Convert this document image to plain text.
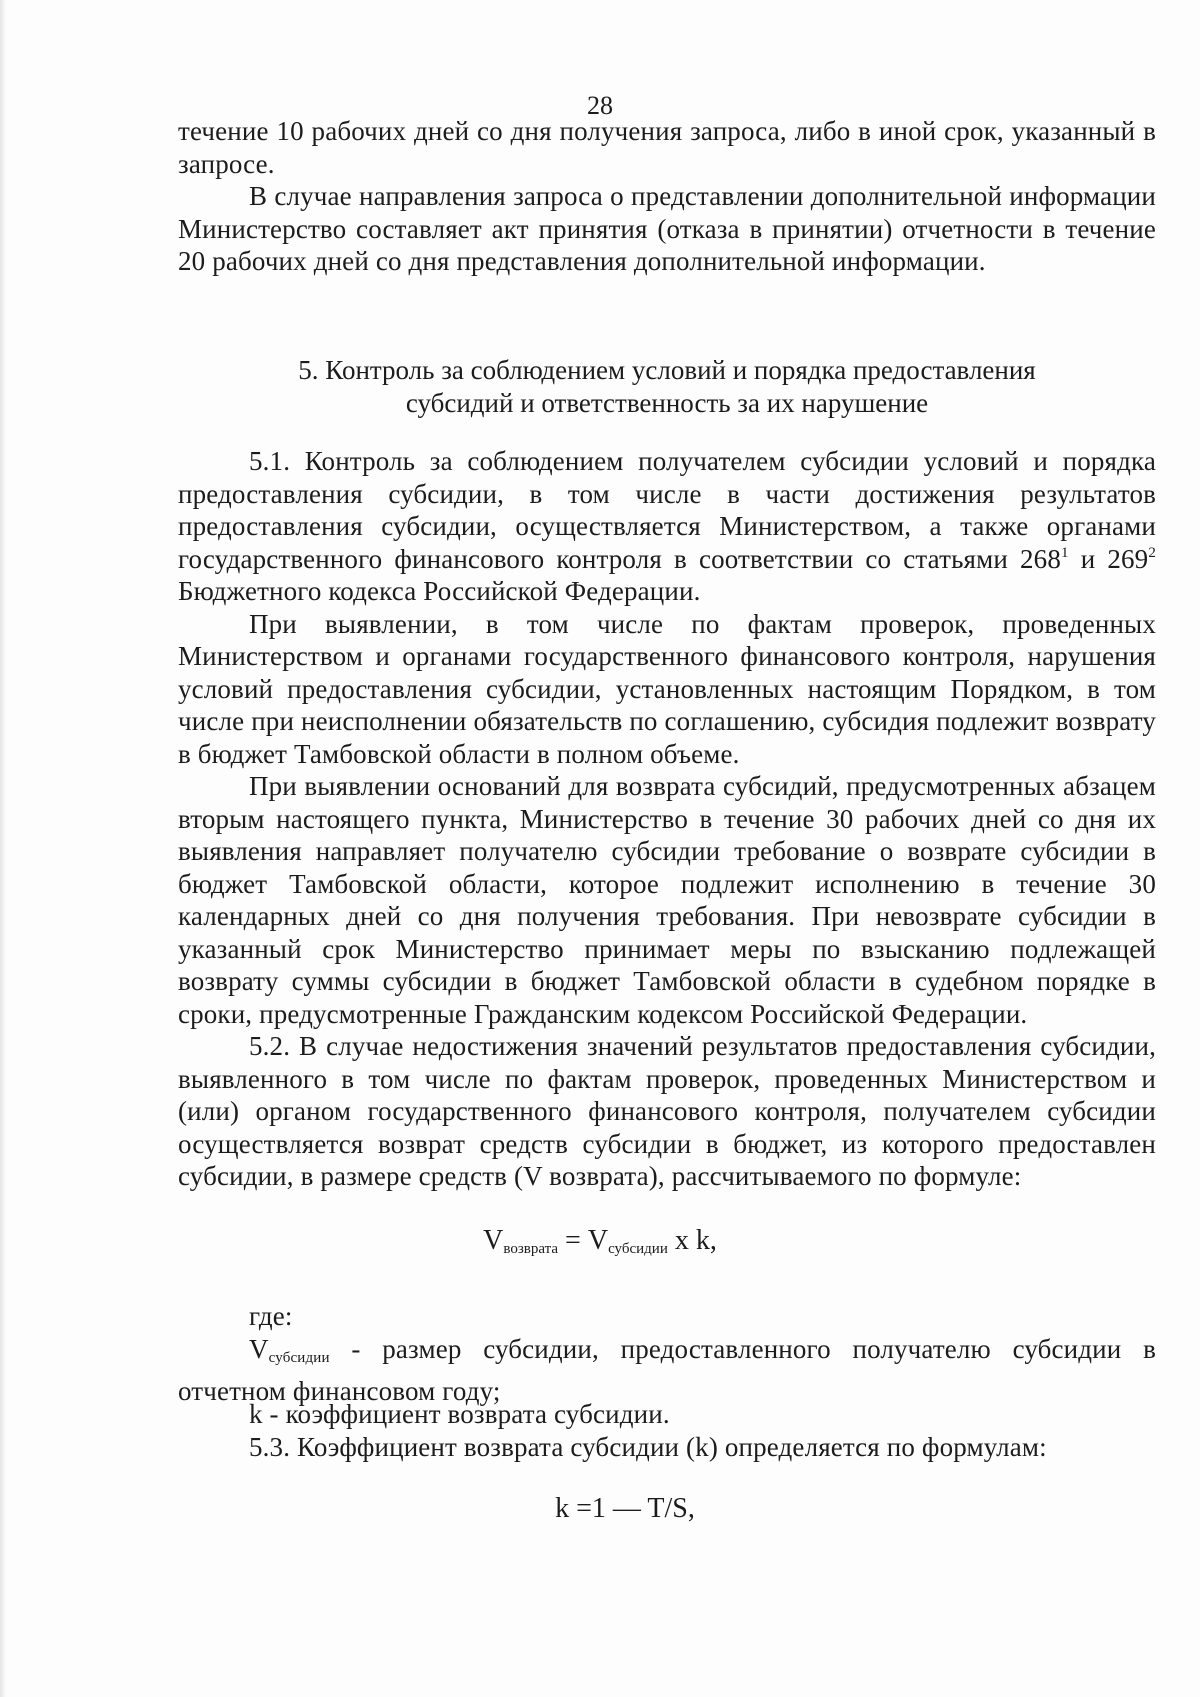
28

течение 10 рабочих дней со дня получения запроса, либо в иной срок, указанный в запросе.

В случае направления запроса о представлении дополнительной информации Министерство составляет акт принятия (отказа в принятии) отчетности в течение 20 рабочих дней со дня представления дополнительной информации.

5. Контроль за соблюдением условий и порядка предоставления
субсидий и ответственность за их нарушение

5.1. Контроль за соблюдением получателем субсидии условий и порядка предоставления субсидии, в том числе в части достижения результатов предоставления субсидии, осуществляется Министерством, а также органами государственного финансового контроля в соответствии со статьями $268^1$ и $269^2$ Бюджетного кодекса Российской Федерации.

При выявлении, в том числе по фактам проверок, проведенных Министерством и органами государственного финансового контроля, нарушения условий предоставления субсидии, установленных настоящим Порядком, в том числе при неисполнении обязательств по соглашению, субсидия подлежит возврату в бюджет Тамбовской области в полном объеме.

При выявлении оснований для возврата субсидий, предусмотренных абзацем вторым настоящего пункта, Министерство в течение 30 рабочих дней со дня их выявления направляет получателю субсидии требование о возврате субсидии в бюджет Тамбовской области, которое подлежит исполнению в течение 30 календарных дней со дня получения требования. При невозврате субсидии в указанный срок Министерство принимает меры по взысканию подлежащей возврату суммы субсидии в бюджет Тамбовской области в судебном порядке в сроки, предусмотренные Гражданским кодексом Российской Федерации.

5.2. В случае недостижения значений результатов предоставления субсидии, выявленного в том числе по фактам проверок, проведенных Министерством и (или) органом государственного финансового контроля, получателем субсидии осуществляется возврат средств субсидии в бюджет, из которого предоставлен субсидии, в размере средств (V возврата), рассчитываемого по формуле:

$V_{возврата} = V_{субсидии}$ x k,
где:

Vсубсидии - размер субсидии, предоставленного получателю субсидии в отчетном финансовом году;

k - коэффициент возврата субсидии.
5.3. Коэффициент возврата субсидии (k) определяется по формулам:
k =1 — T/S,
